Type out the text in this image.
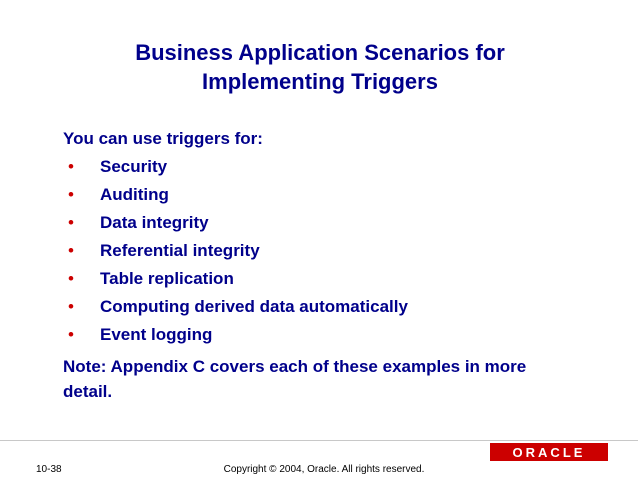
Business Application Scenarios for
Implementing Triggers
You can use triggers for:
• Security
• Auditing
• Data integrity
• Referential integrity
• Table replication
• Computing derived data automatically
• Event logging
Note: Appendix C covers each of these examples in more detail.
ORACLE
10-38	Copyright © 2004, Oracle. All rights reserved.
